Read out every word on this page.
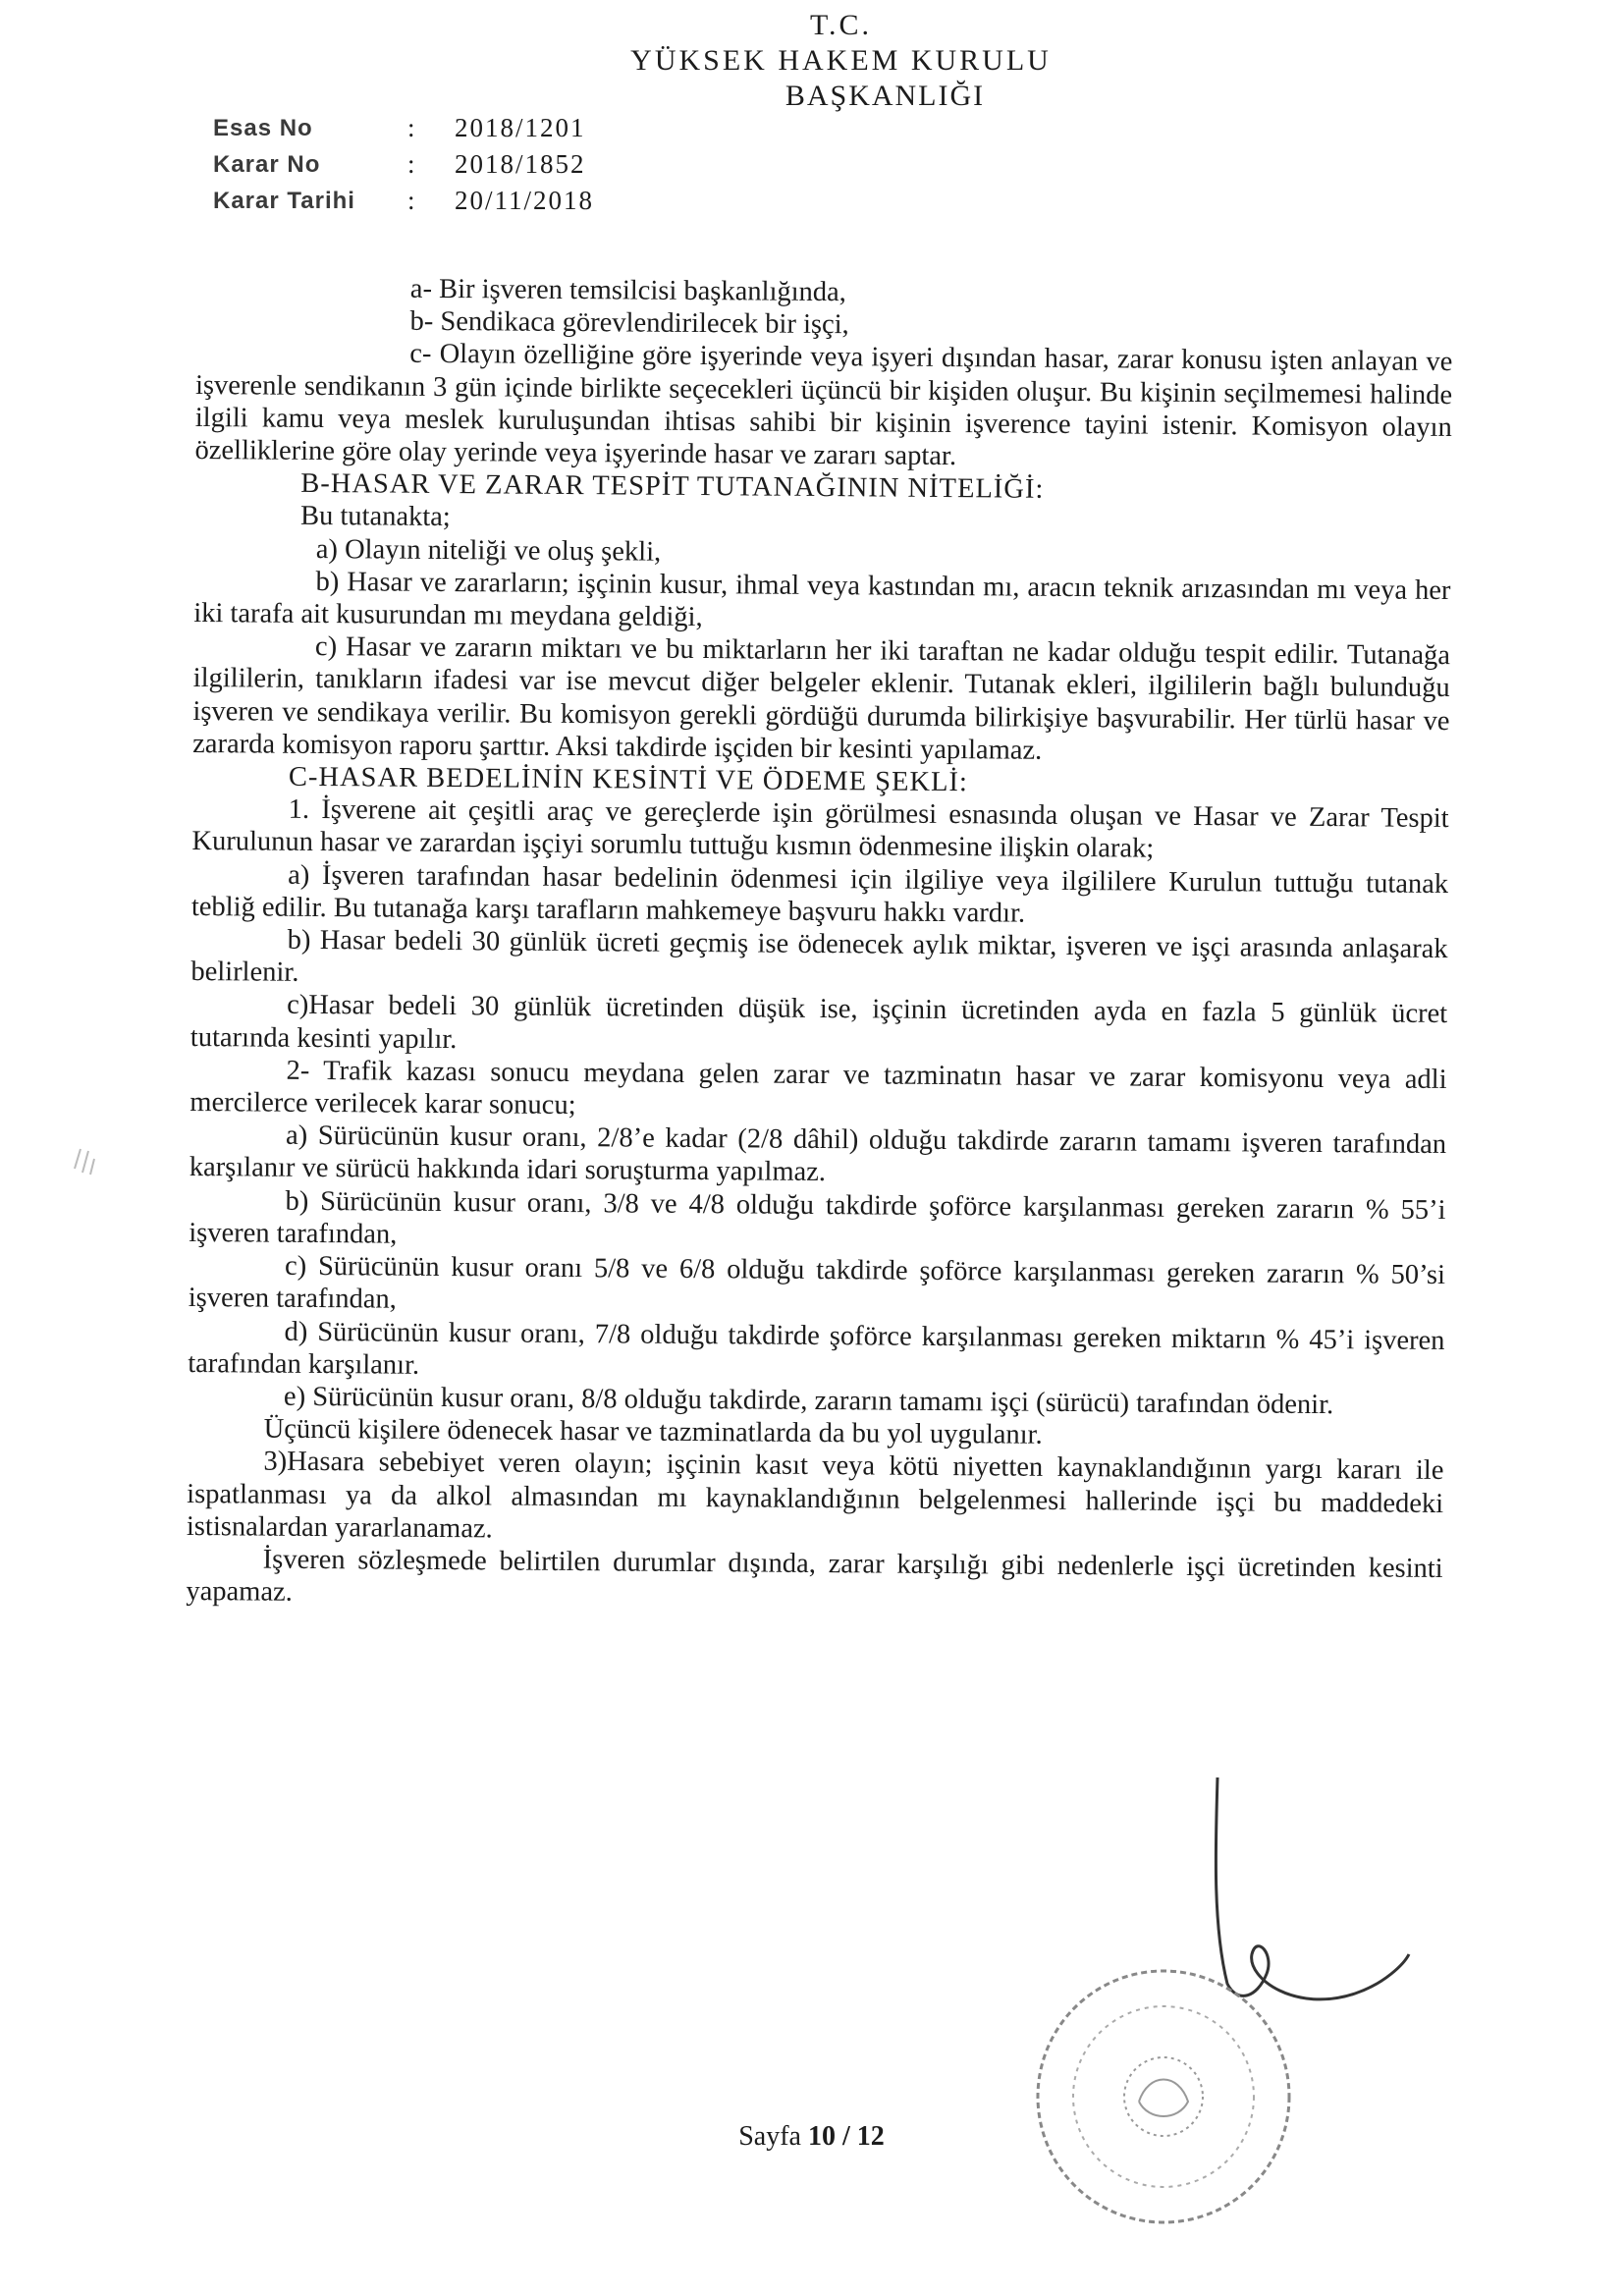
T.C.
YÜKSEK HAKEM KURULU
BAŞKANLIĞI
Esas No	:	2018/1201
Karar No	:	2018/1852
Karar Tarihi	:	20/11/2018

a- Bir işveren temsilcisi başkanlığında,

b- Sendikaca görevlendirilecek bir işçi,

c- Olayın özelliğine göre işyerinde veya işyeri dışından hasar, zarar konusu işten anlayan ve işverenle sendikanın 3 gün içinde birlikte seçecekleri üçüncü bir kişiden oluşur. Bu kişinin seçilmemesi halinde ilgili kamu veya meslek kuruluşundan ihtisas sahibi bir kişinin işverence tayini istenir. Komisyon olayın özelliklerine göre olay yerinde veya işyerinde hasar ve zararı saptar.

B-HASAR VE ZARAR TESPİT TUTANAĞININ NİTELİĞİ:

Bu tutanakta;

a) Olayın niteliği ve oluş şekli,

b) Hasar ve zararların; işçinin kusur, ihmal veya kastından mı, aracın teknik arızasından mı veya her iki tarafa ait kusurundan mı meydana geldiği,

c) Hasar ve zararın miktarı ve bu miktarların her iki taraftan ne kadar olduğu tespit edilir. Tutanağa ilgililerin, tanıkların ifadesi var ise mevcut diğer belgeler eklenir. Tutanak ekleri, ilgililerin bağlı bulunduğu işveren ve sendikaya verilir. Bu komisyon gerekli gördüğü durumda bilirkişiye başvurabilir. Her türlü hasar ve zararda komisyon raporu şarttır. Aksi takdirde işçiden bir kesinti yapılamaz.

C-HASAR BEDELİNİN KESİNTİ VE ÖDEME ŞEKLİ:

1. İşverene ait çeşitli araç ve gereçlerde işin görülmesi esnasında oluşan ve Hasar ve Zarar Tespit Kurulunun hasar ve zarardan işçiyi sorumlu tuttuğu kısmın ödenmesine ilişkin olarak;

a) İşveren tarafından hasar bedelinin ödenmesi için ilgiliye veya ilgililere Kurulun tuttuğu tutanak tebliğ edilir. Bu tutanağa karşı tarafların mahkemeye başvuru hakkı vardır.

b) Hasar bedeli 30 günlük ücreti geçmiş ise ödenecek aylık miktar, işveren ve işçi arasında anlaşarak belirlenir.

c)Hasar bedeli 30 günlük ücretinden düşük ise, işçinin ücretinden ayda en fazla 5 günlük ücret tutarında kesinti yapılır.

2- Trafik kazası sonucu meydana gelen zarar ve tazminatın hasar ve zarar komisyonu veya adli mercilerce verilecek karar sonucu;

a) Sürücünün kusur oranı, 2/8’e kadar (2/8 dâhil) olduğu takdirde zararın tamamı işveren tarafından karşılanır ve sürücü hakkında idari soruşturma yapılmaz.

b) Sürücünün kusur oranı, 3/8 ve 4/8 olduğu takdirde şoförce karşılanması gereken zararın % 55’i işveren tarafından,

c) Sürücünün kusur oranı 5/8 ve 6/8 olduğu takdirde şoförce karşılanması gereken zararın % 50’si işveren tarafından,

d) Sürücünün kusur oranı, 7/8 olduğu takdirde şoförce karşılanması gereken miktarın % 45’i işveren tarafından karşılanır.

e) Sürücünün kusur oranı, 8/8 olduğu takdirde, zararın tamamı işçi (sürücü) tarafından ödenir.

Üçüncü kişilere ödenecek hasar ve tazminatlarda da bu yol uygulanır.

3)Hasara sebebiyet veren olayın; işçinin kasıt veya kötü niyetten kaynaklandığının yargı kararı ile ispatlanması ya da alkol almasından mı kaynaklandığının belgelenmesi hallerinde işçi bu maddedeki istisnalardan yararlanamaz.

İşveren sözleşmede belirtilen durumlar dışında, zarar karşılığı gibi nedenlerle işçi ücretinden kesinti yapamaz.

Sayfa 10 / 12
